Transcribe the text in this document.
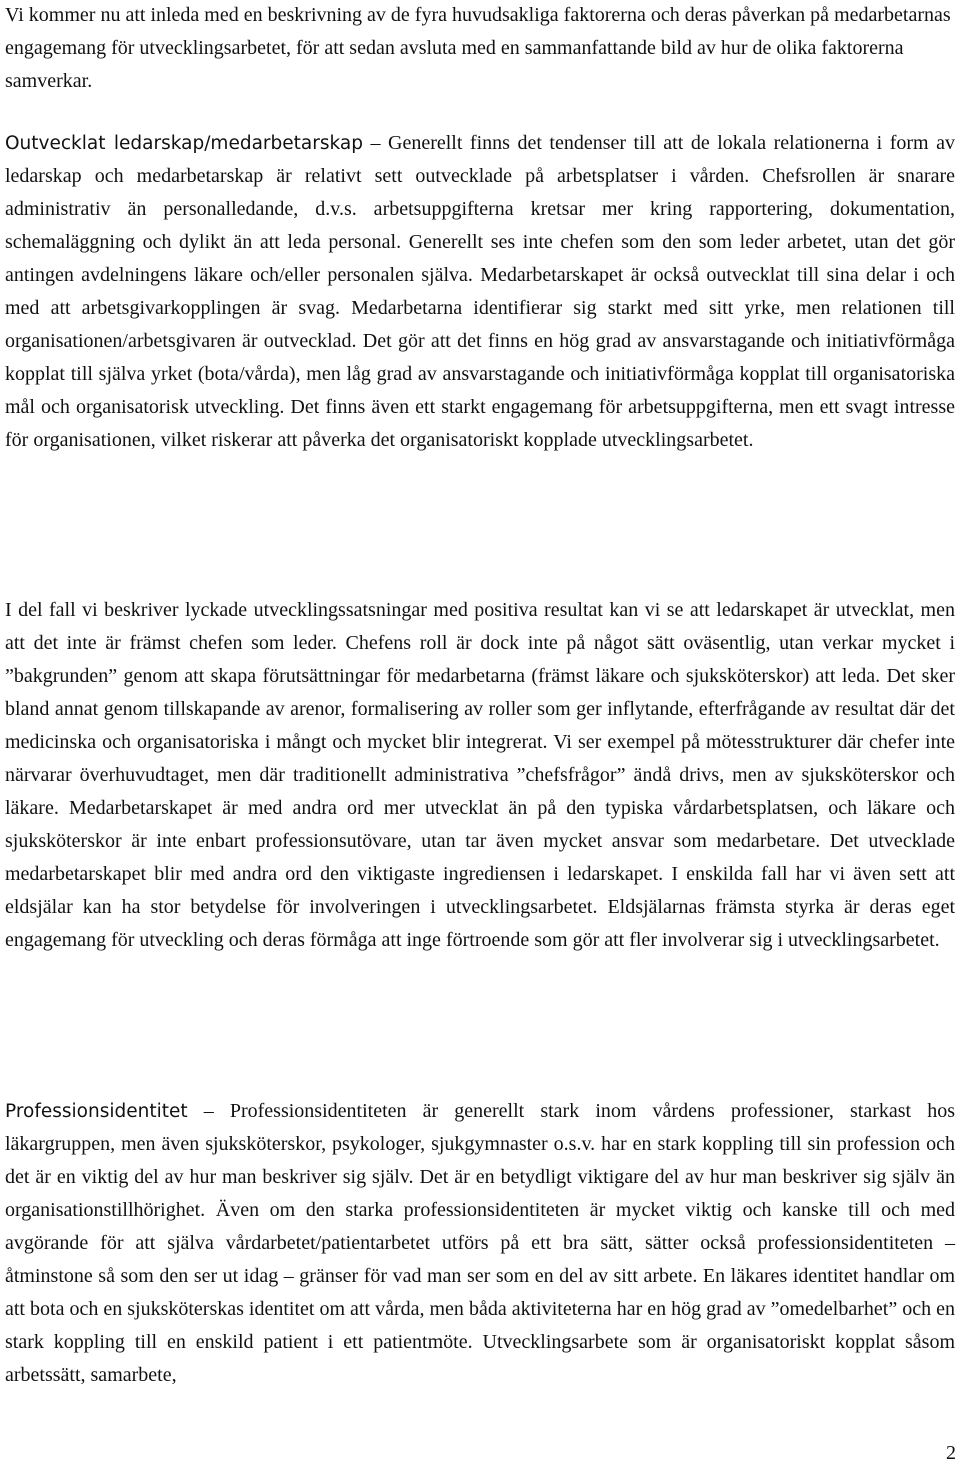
Vi kommer nu att inleda med en beskrivning av de fyra huvudsakliga faktorerna och deras påverkan på medarbetarnas engagemang för utvecklingsarbetet, för att sedan avsluta med en sammanfattande bild av hur de olika faktorerna samverkar.

Outvecklat ledarskap/medarbetarskap – Generellt finns det tendenser till att de lokala relationerna i form av ledarskap och medarbetarskap är relativt sett outvecklade på arbetsplatser i vården. Chefsrollen är snarare administrativ än personalledande, d.v.s. arbetsuppgifterna kretsar mer kring rapportering, dokumentation, schemaläggning och dylikt än att leda personal. Generellt ses inte chefen som den som leder arbetet, utan det gör antingen avdelningens läkare och/eller personalen själva. Medarbetarskapet är också outvecklat till sina delar i och med att arbetsgivarkopplingen är svag. Medarbetarna identifierar sig starkt med sitt yrke, men relationen till organisationen/arbetsgivaren är outvecklad. Det gör att det finns en hög grad av ansvarstagande och initiativförmåga kopplat till själva yrket (bota/vårda), men låg grad av ansvarstagande och initiativförmåga kopplat till organisatoriska mål och organisatorisk utveckling. Det finns även ett starkt engagemang för arbetsuppgifterna, men ett svagt intresse för organisationen, vilket riskerar att påverka det organisatoriskt kopplade utvecklingsarbetet.

I del fall vi beskriver lyckade utvecklingssatsningar med positiva resultat kan vi se att ledarskapet är utvecklat, men att det inte är främst chefen som leder. Chefens roll är dock inte på något sätt oväsentlig, utan verkar mycket i ”bakgrunden” genom att skapa förutsättningar för medarbetarna (främst läkare och sjuksköterskor) att leda. Det sker bland annat genom tillskapande av arenor, formalisering av roller som ger inflytande, efterfrågande av resultat där det medicinska och organisatoriska i mångt och mycket blir integrerat. Vi ser exempel på mötesstrukturer där chefer inte närvarar överhuvudtaget, men där traditionellt administrativa ”chefsfrågor” ändå drivs, men av sjuksköterskor och läkare. Medarbetarskapet är med andra ord mer utvecklat än på den typiska vårdarbetsplatsen, och läkare och sjuksköterskor är inte enbart professionsutövare, utan tar även mycket ansvar som medarbetare. Det utvecklade medarbetarskapet blir med andra ord den viktigaste ingrediensen i ledarskapet. I enskilda fall har vi även sett att eldsjälar kan ha stor betydelse för involveringen i utvecklingsarbetet. Eldsjälarnas främsta styrka är deras eget engagemang för utveckling och deras förmåga att inge förtroende som gör att fler involverar sig i utvecklingsarbetet.

Professionsidentitet – Professionsidentiteten är generellt stark inom vårdens professioner, starkast hos läkargruppen, men även sjuksköterskor, psykologer, sjukgymnaster o.s.v. har en stark koppling till sin profession och det är en viktig del av hur man beskriver sig själv. Det är en betydligt viktigare del av hur man beskriver sig själv än organisationstillhörighet. Även om den starka professionsidentiteten är mycket viktig och kanske till och med avgörande för att själva vårdarbetet/patientarbetet utförs på ett bra sätt, sätter också professionsidentiteten – åtminstone så som den ser ut idag – gränser för vad man ser som en del av sitt arbete. En läkares identitet handlar om att bota och en sjuksköterskas identitet om att vårda, men båda aktiviteterna har en hög grad av ”omedelbarhet” och en stark koppling till en enskild patient i ett patientmöte. Utvecklingsarbete som är organisatoriskt kopplat såsom arbetssätt, samarbete,

2
